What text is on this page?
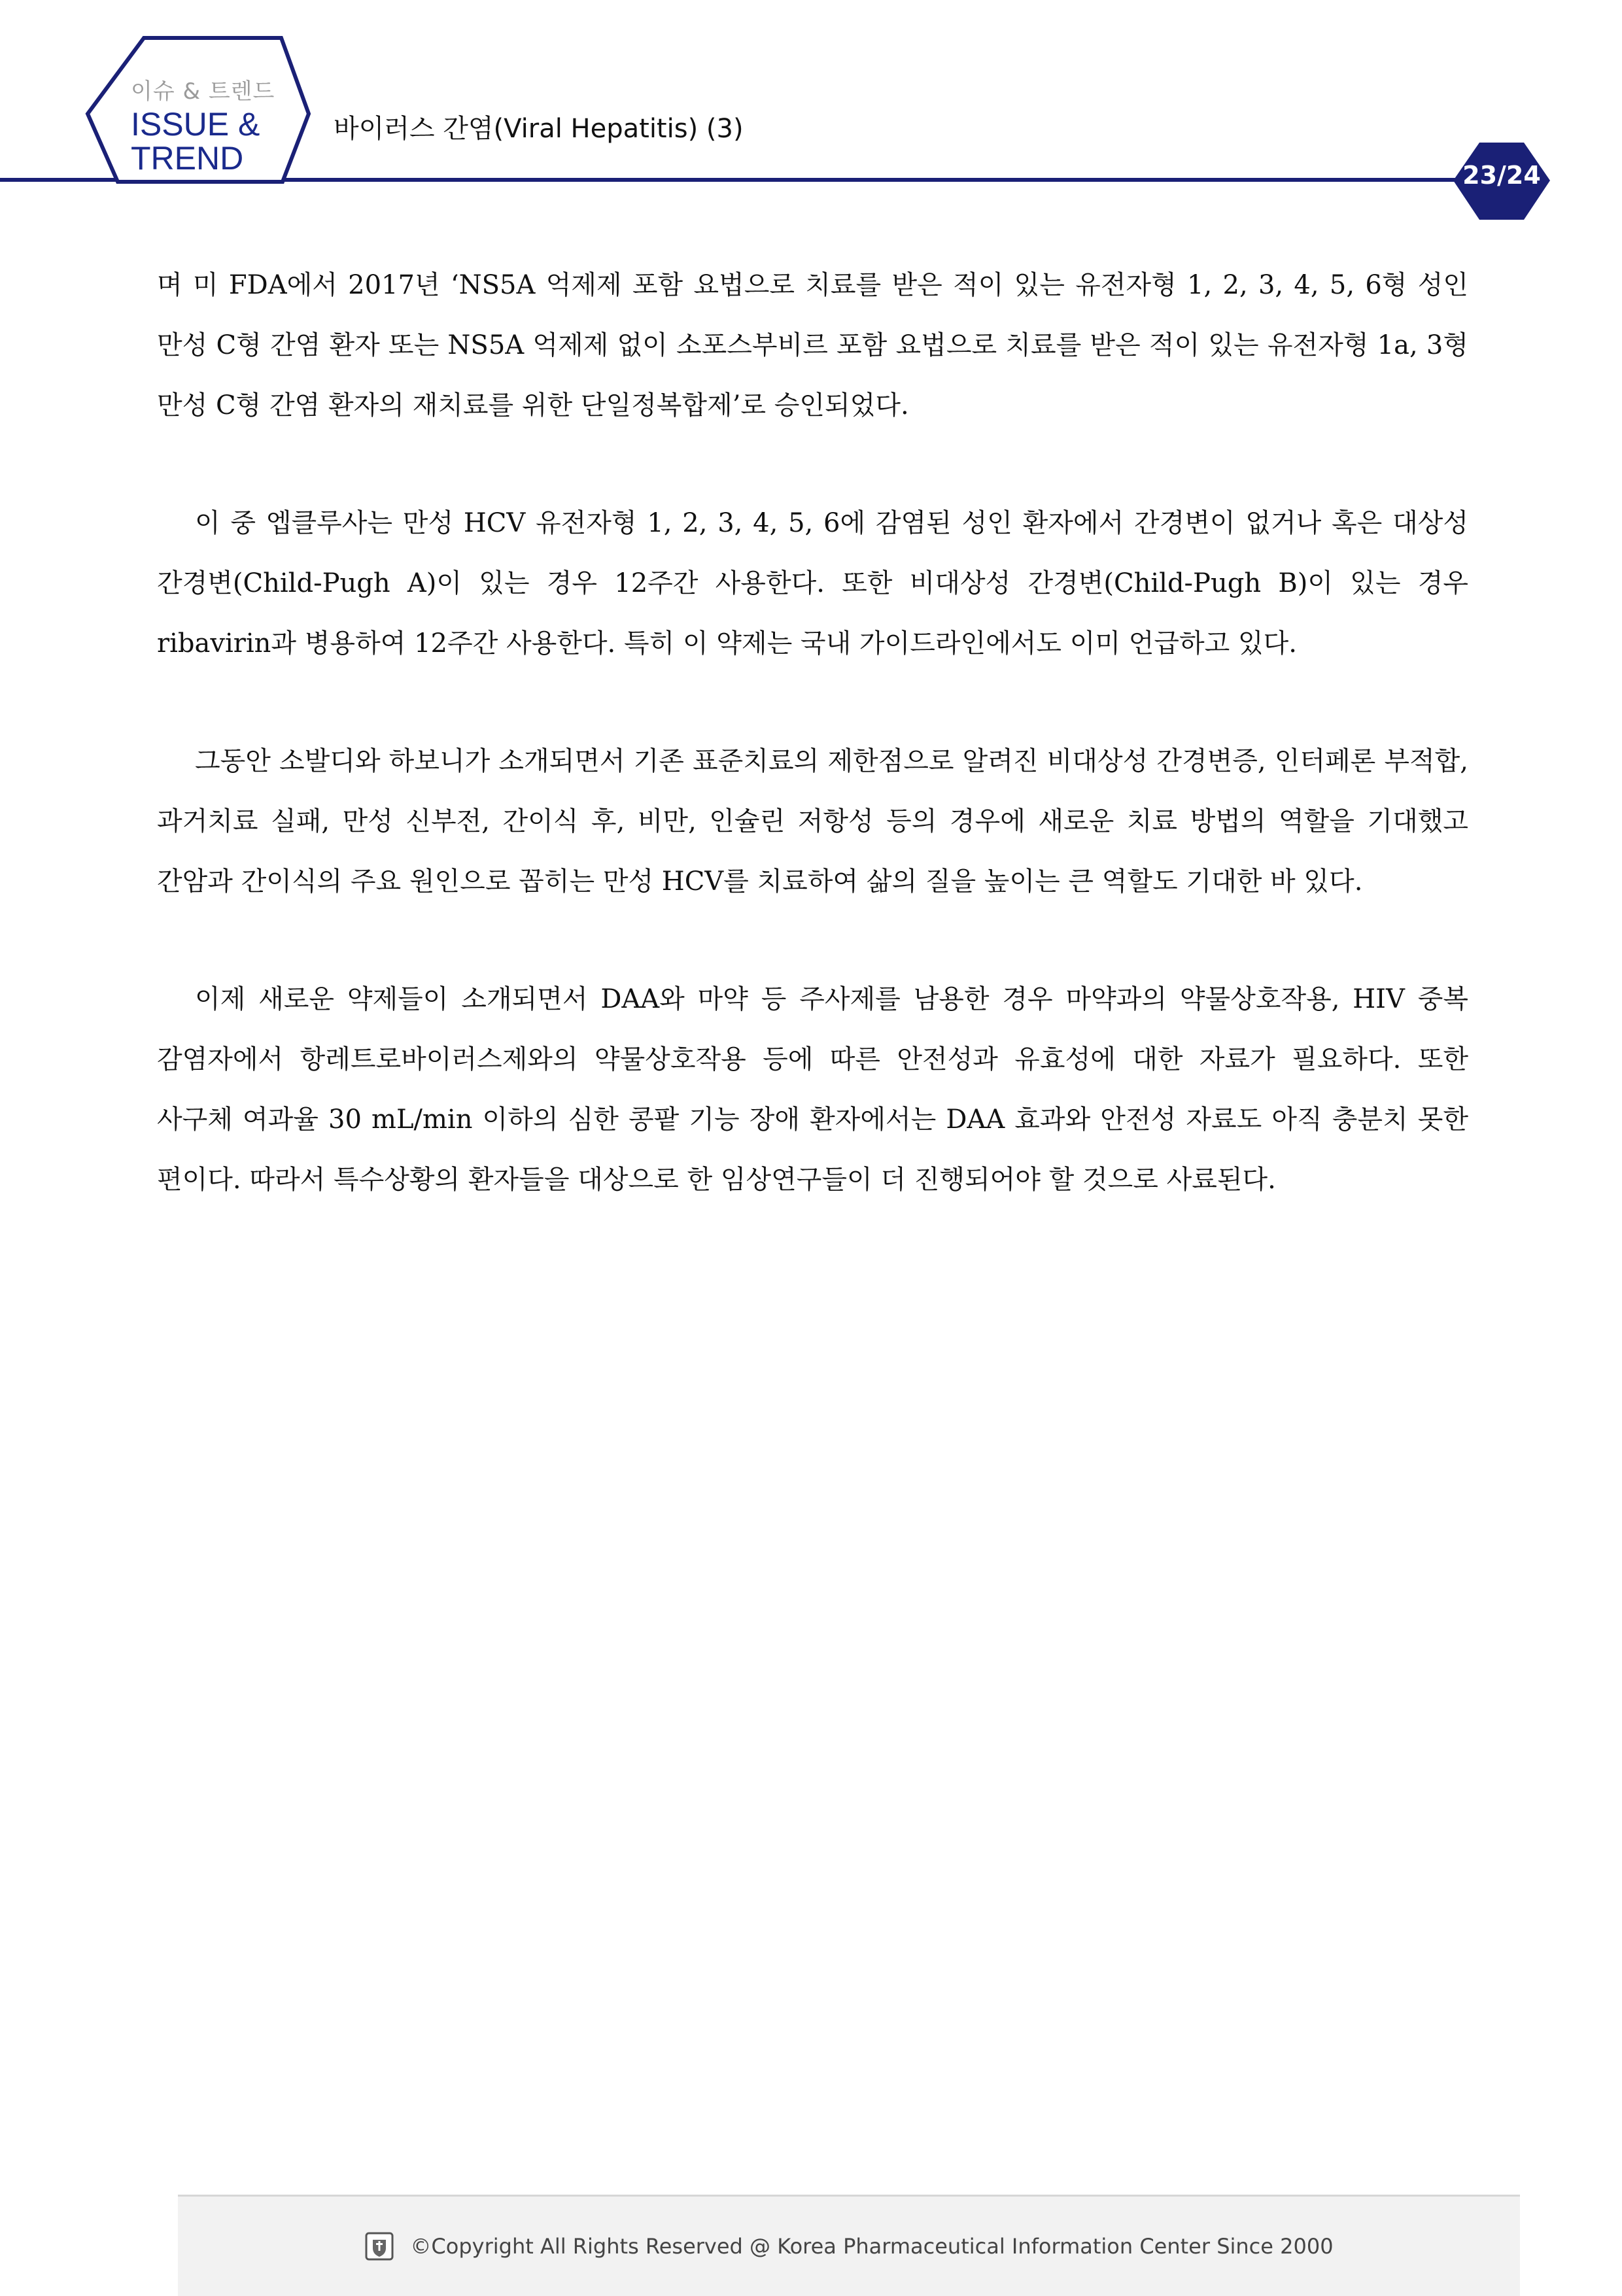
이슈 & 트렌드
ISSUE &
TREND
바이러스 간염(Viral Hepatitis) (3)
23/24

며 미 FDA에서 2017년 ‘NS5A 억제제 포함 요법으로 치료를 받은 적이 있는 유전자형 1, 2, 3, 4, 5, 6형 성인 만성 C형 간염 환자 또는 NS5A 억제제 없이 소포스부비르 포함 요법으로 치료를 받은 적이 있는 유전자형 1a, 3형 만성 C형 간염 환자의 재치료를 위한 단일정복합제’로 승인되었다.

이 중 엡클루사는 만성 HCV 유전자형 1, 2, 3, 4, 5, 6에 감염된 성인 환자에서 간경변이 없거나 혹은 대상성 간경변(Child-Pugh A)이 있는 경우 12주간 사용한다. 또한 비대상성 간경변(Child-Pugh B)이 있는 경우 ribavirin과 병용하여 12주간 사용한다. 특히 이 약제는 국내 가이드라인에서도 이미 언급하고 있다.

그동안 소발디와 하보니가 소개되면서 기존 표준치료의 제한점으로 알려진 비대상성 간경변증, 인터페론 부적합, 과거치료 실패, 만성 신부전, 간이식 후, 비만, 인슐린 저항성 등의 경우에 새로운 치료 방법의 역할을 기대했고 간암과 간이식의 주요 원인으로 꼽히는 만성 HCV를 치료하여 삶의 질을 높이는 큰 역할도 기대한 바 있다.

이제 새로운 약제들이 소개되면서 DAA와 마약 등 주사제를 남용한 경우 마약과의 약물상호작용, HIV 중복 감염자에서 항레트로바이러스제와의 약물상호작용 등에 따른 안전성과 유효성에 대한 자료가 필요하다. 또한 사구체 여과율 30 mL/min 이하의 심한 콩팥 기능 장애 환자에서는 DAA 효과와 안전성 자료도 아직 충분치 못한 편이다. 따라서 특수상황의 환자들을 대상으로 한 임상연구들이 더 진행되어야 할 것으로 사료된다.

©Copyright All Rights Reserved @ Korea Pharmaceutical Information Center Since 2000
